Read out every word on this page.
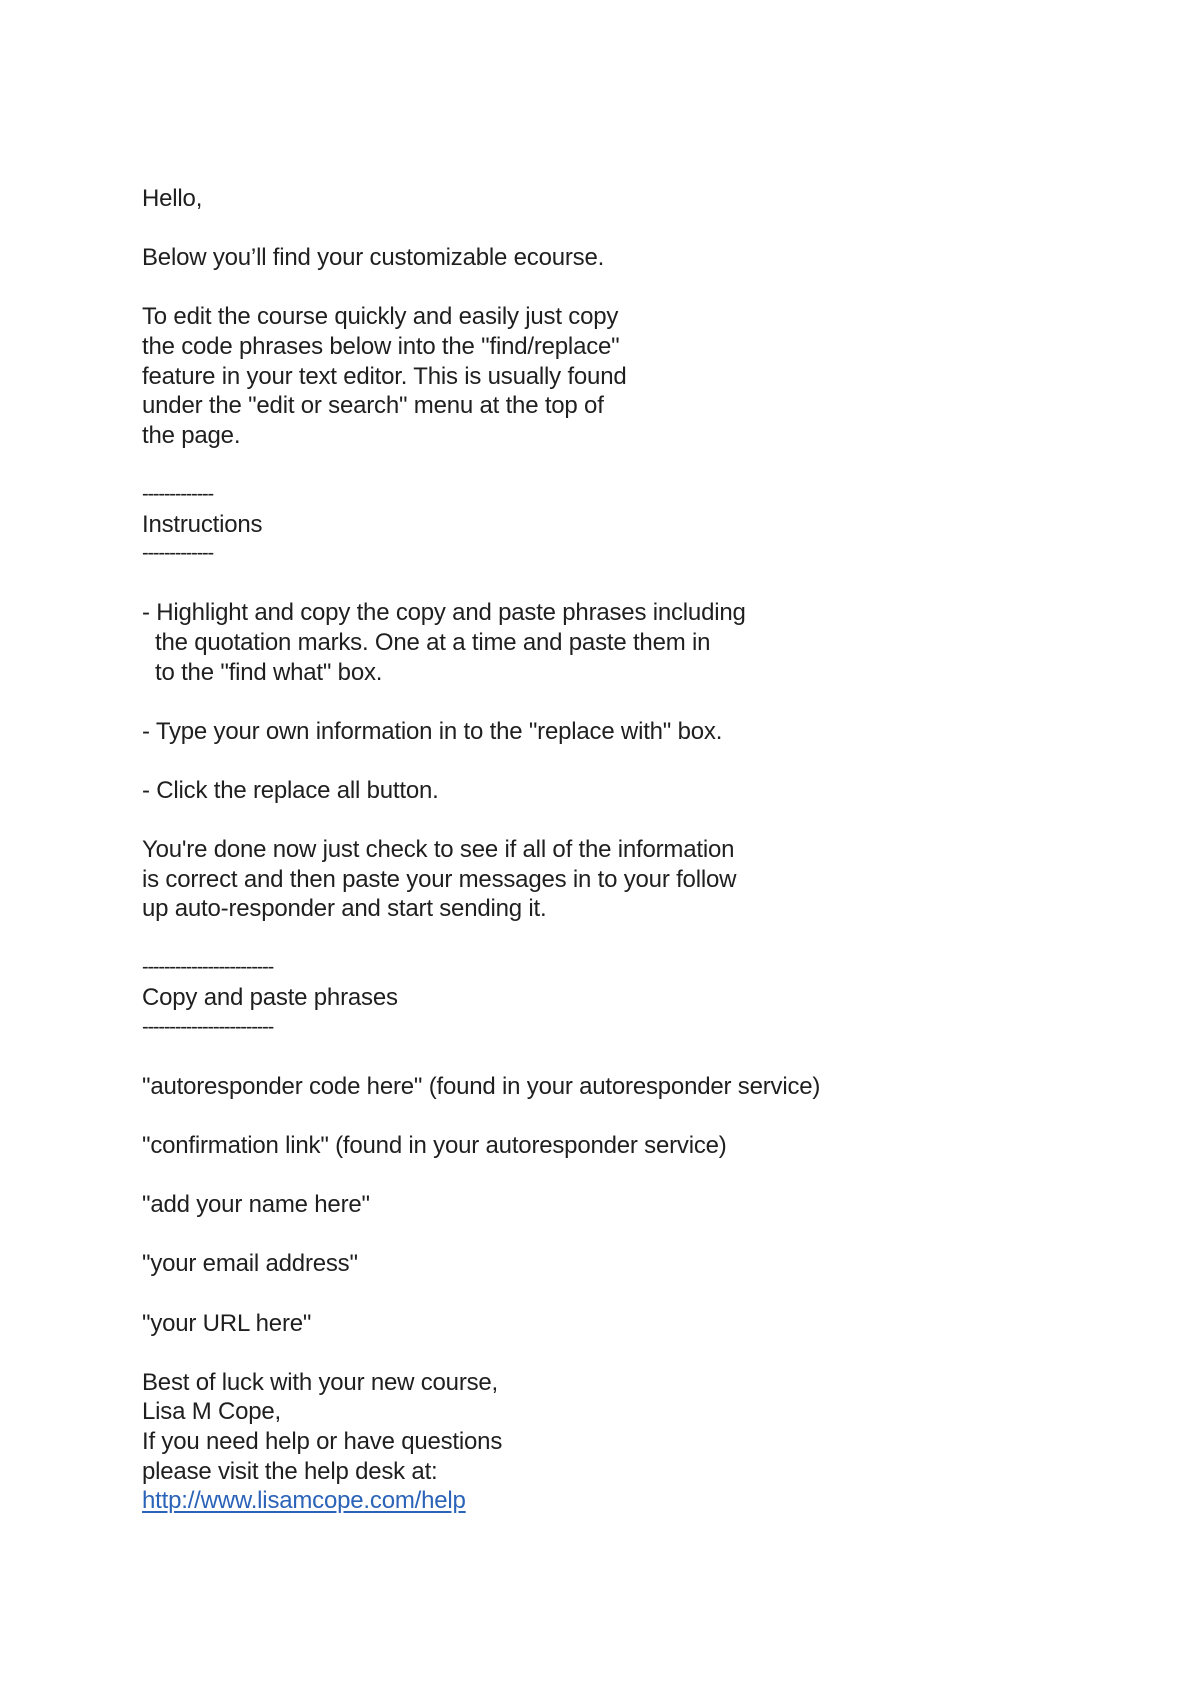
Hello,
Below you’ll find your customizable ecourse.
To edit the course quickly and easily just copy
the code phrases below into the "find/replace"
feature in your text editor. This is usually found
under the "edit or search" menu at the top of
the page.
-------------
Instructions
-------------
- Highlight and copy the copy and paste phrases including
the quotation marks. One at a time and paste them in
to the "find what" box.
- Type your own information in to the "replace with" box.
- Click the replace all button.
You're done now just check to see if all of the information
is correct and then paste your messages in to your follow
up auto-responder and start sending it.
------------------------
Copy and paste phrases
------------------------
"autoresponder code here" (found in your autoresponder service)
"confirmation link" (found in your autoresponder service)
"add your name here"
"your email address"
"your URL here"
Best of luck with your new course,
Lisa M Cope,
If you need help or have questions
please visit the help desk at:
http://www.lisamcope.com/help
